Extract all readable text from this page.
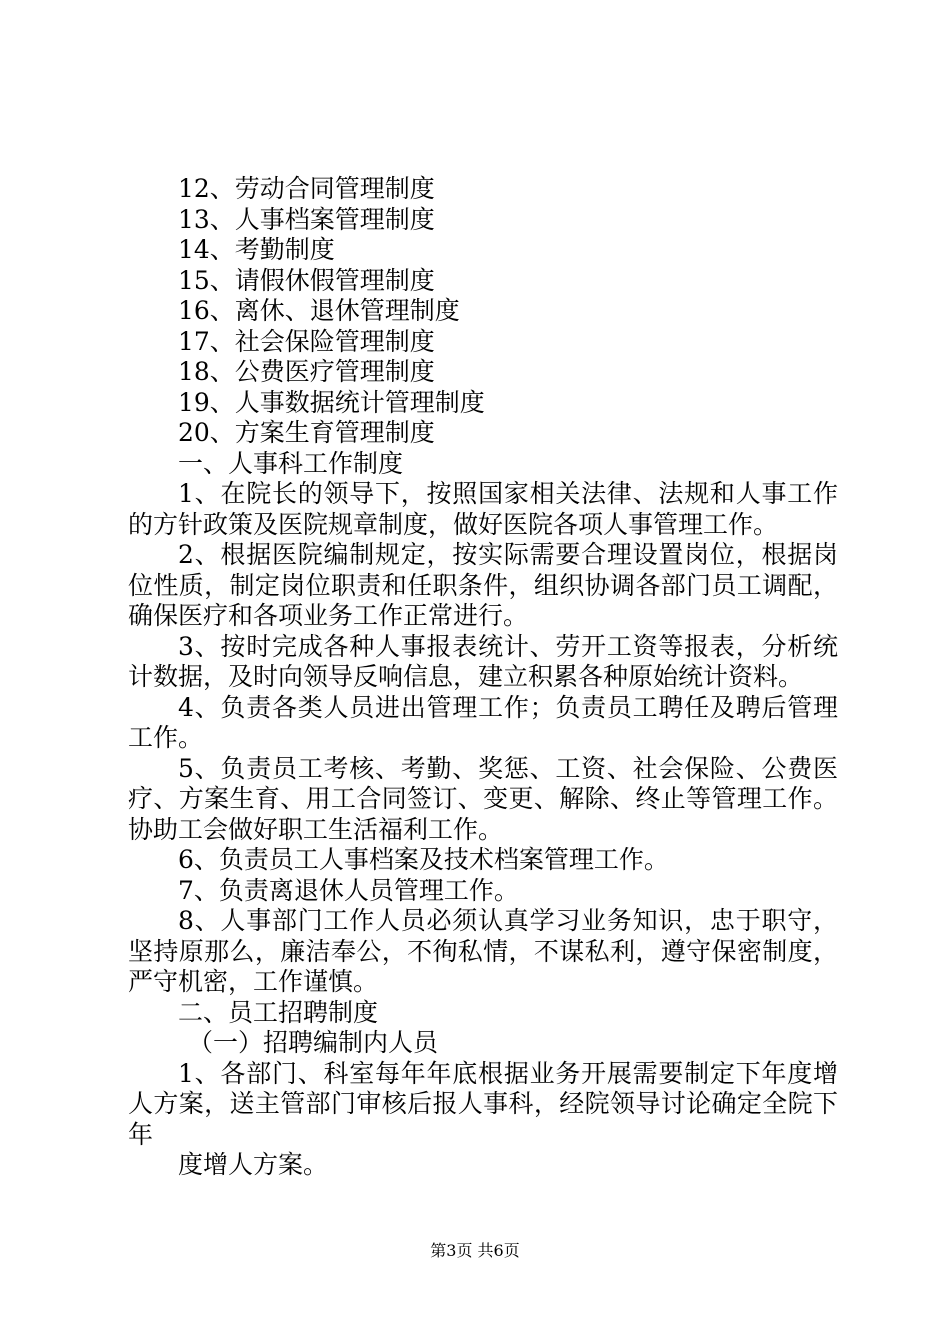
12、劳动合同管理制度

13、人事档案管理制度

14、考勤制度

15、请假休假管理制度

16、离休、退休管理制度

17、社会保险管理制度

18、公费医疗管理制度

19、人事数据统计管理制度

20、方案生育管理制度

一、人事科工作制度

1、在院长的领导下，按照国家相关法律、法规和人事工作的方针政策及医院规章制度，做好医院各项人事管理工作。

2、根据医院编制规定，按实际需要合理设置岗位，根据岗位性质，制定岗位职责和任职条件，组织协调各部门员工调配，确保医疗和各项业务工作正常进行。

3、按时完成各种人事报表统计、劳开工资等报表，分析统计数据，及时向领导反响信息，建立积累各种原始统计资料。

4、负责各类人员进出管理工作；负责员工聘任及聘后管理工作。

5、负责员工考核、考勤、奖惩、工资、社会保险、公费医疗、方案生育、用工合同签订、变更、解除、终止等管理工作。协助工会做好职工生活福利工作。

6、负责员工人事档案及技术档案管理工作。

7、负责离退休人员管理工作。

8、人事部门工作人员必须认真学习业务知识，忠于职守，坚持原那么，廉洁奉公，不徇私情，不谋私利，遵守保密制度，严守机密，工作谨慎。

二、员工招聘制度

（一）招聘编制内人员

1、各部门、科室每年年底根据业务开展需要制定下年度增人方案，送主管部门审核后报人事科，经院领导讨论确定全院下年

度增人方案。

第3页 共6页
